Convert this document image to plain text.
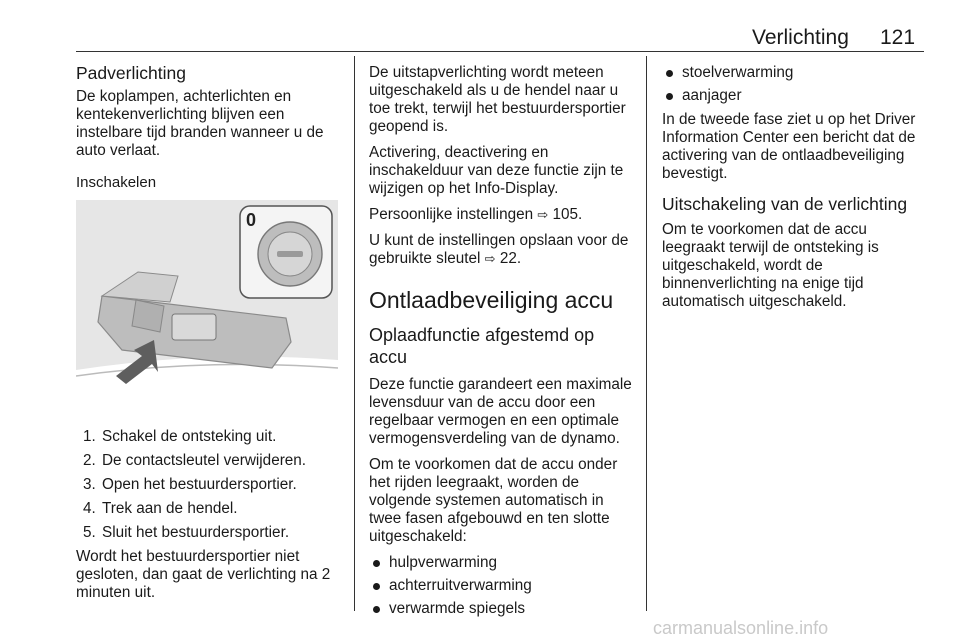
Verlichting 121
Padverlichting

De koplampen, achterlichten en kentekenverlichting blijven een instelbare tijd branden wanneer u de auto verlaat.

Inschakelen
0
1. Schakel de ontsteking uit.
2. De contactsleutel verwijderen.
3. Open het bestuurdersportier.
4. Trek aan de hendel.
5. Sluit het bestuurdersportier.

Wordt het bestuurdersportier niet gesloten, dan gaat de verlichting na 2 minuten uit.

De uitstapverlichting wordt meteen uitgeschakeld als u de hendel naar u toe trekt, terwijl het bestuurdersportier geopend is.

Activering, deactivering en inschakelduur van deze functie zijn te wijzigen op het Info-Display.

Persoonlijke instellingen ⇨ 105.

U kunt de instellingen opslaan voor de gebruikte sleutel ⇨ 22.

Ontlaadbeveiliging accu
Oplaadfunctie afgestemd op accu

Deze functie garandeert een maximale levensduur van de accu door een regelbaar vermogen en een optimale vermogensverdeling van de dynamo.

Om te voorkomen dat de accu onder het rijden leegraakt, worden de volgende systemen automatisch in twee fasen afgebouwd en ten slotte uitgeschakeld:

hulpverwarming
achterruitverwarming
verwarmde spiegels
stoelverwarming
aanjager

In de tweede fase ziet u op het Driver Information Center een bericht dat de activering van de ontlaadbeveiliging bevestigt.

Uitschakeling van de verlichting

Om te voorkomen dat de accu leegraakt terwijl de ontsteking is uitgeschakeld, wordt de binnenverlichting na enige tijd automatisch uitgeschakeld.

carmanualsonline.info
